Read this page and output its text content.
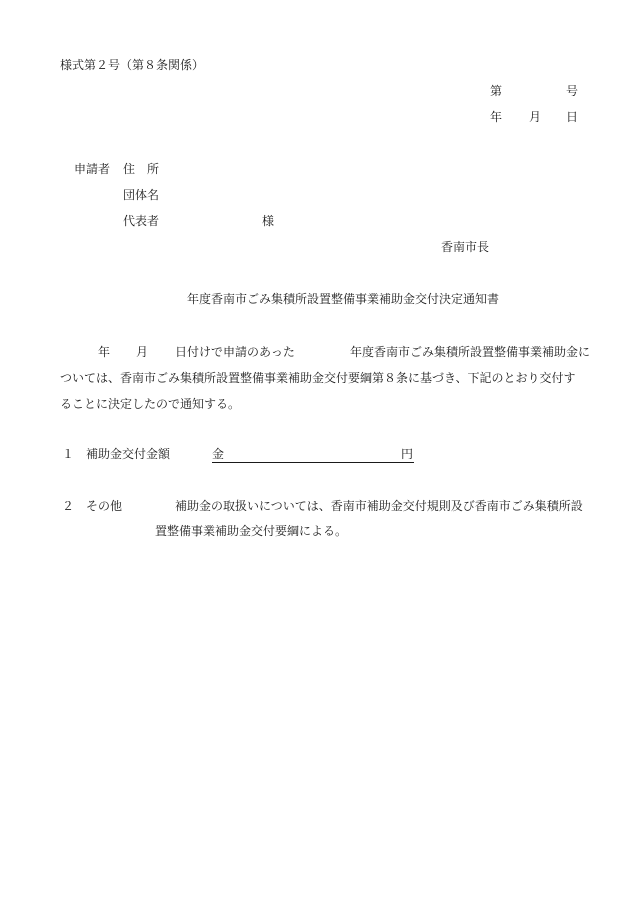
様式第２号（第８条関係）
第	号
年 月 日
申請者 住　所
団体名
代表者	様
香南市長
年度香南市ごみ集積所設置整備事業補助金交付決定通知書
年 月 日付けで申請のあった	年度香南市ごみ集積所設置整備事業補助金に
ついては、香南市ごみ集積所設置整備事業補助金交付要綱第８条に基づき、下記のとおり交付す
ることに決定したので通知する。
１ 補助金交付金額	金	円
２ その他	補助金の取扱いについては、香南市補助金交付規則及び香南市ごみ集積所設
置整備事業補助金交付要綱による。
